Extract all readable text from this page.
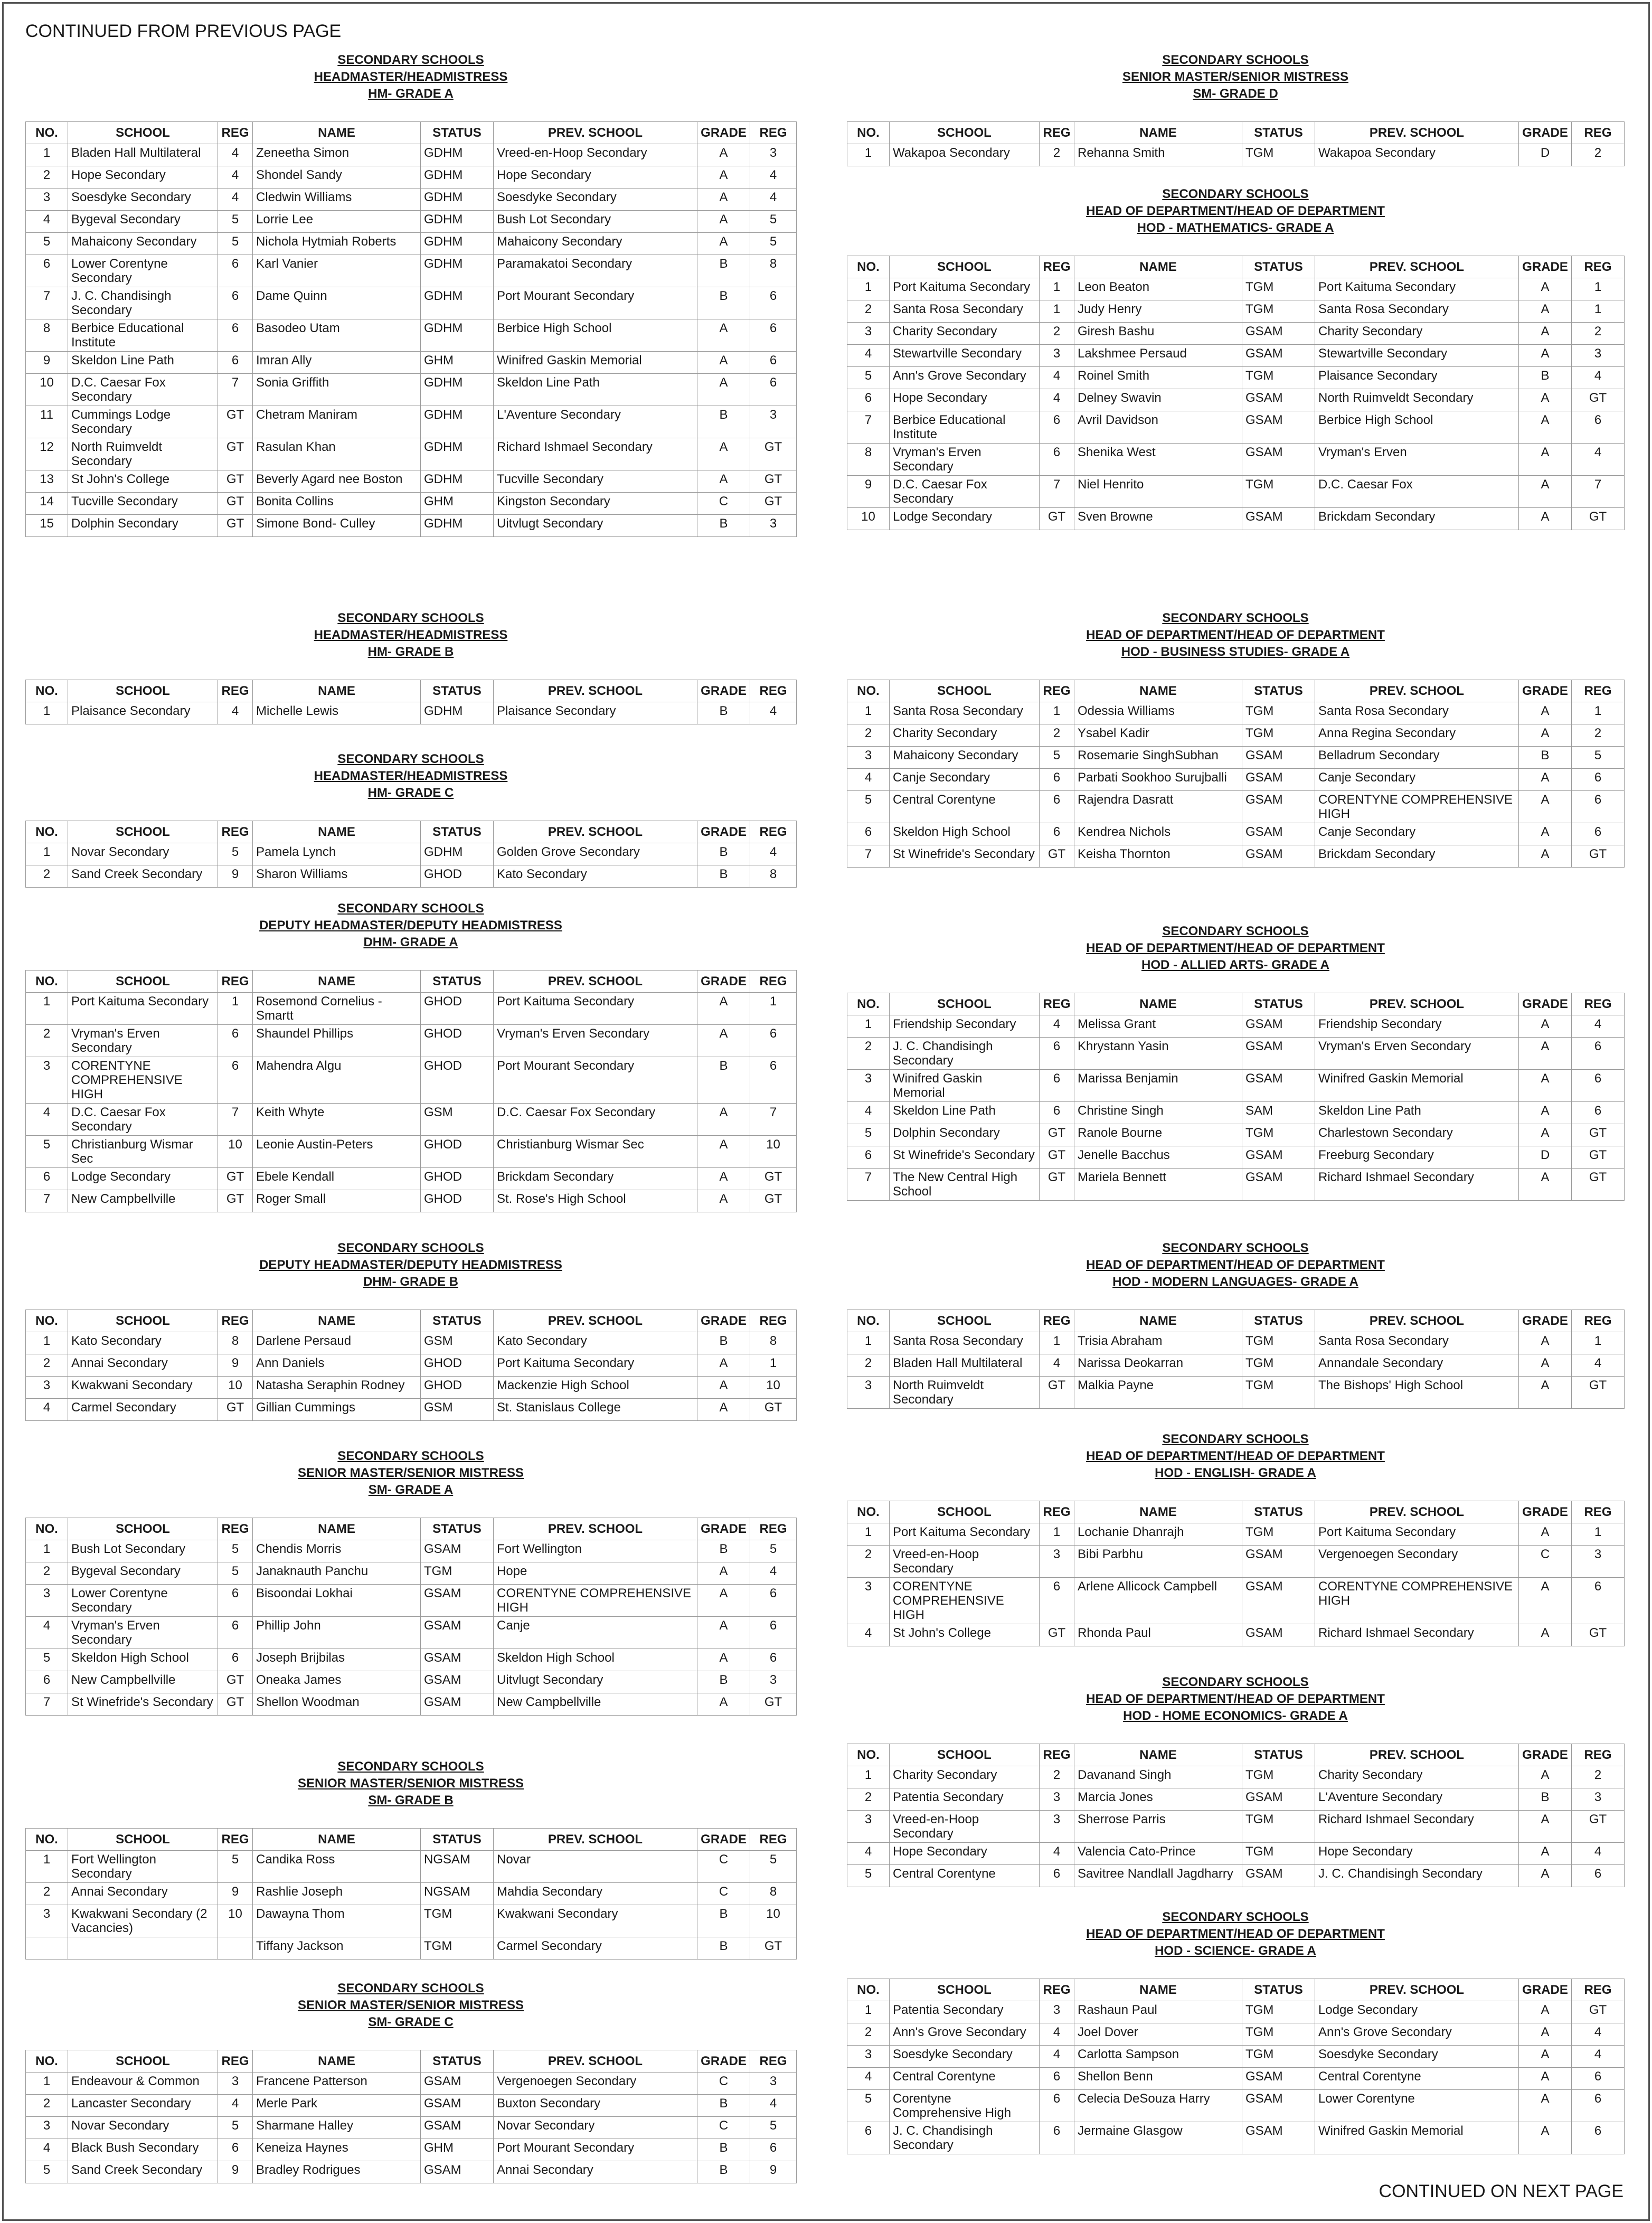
CONTINUED FROM PREVIOUS PAGE
CONTINUED ON NEXT PAGE
SECONDARY SCHOOLS
HEADMASTER/HEADMISTRESS
HM- GRADE A
NO.	SCHOOL	REG	NAME	STATUS	PREV. SCHOOL	GRADE	REG
1	Bladen Hall Multilateral	4	Zeneetha Simon	GDHM	Vreed-en-Hoop Secondary	A	3
2	Hope Secondary	4	Shondel Sandy	GDHM	Hope Secondary	A	4
3	Soesdyke Secondary	4	Cledwin Williams	GDHM	Soesdyke Secondary	A	4
4	Bygeval Secondary	5	Lorrie Lee	GDHM	Bush Lot Secondary	A	5
5	Mahaicony Secondary	5	Nichola Hytmiah Roberts	GDHM	Mahaicony Secondary	A	5
6	Lower Corentyne Secondary	6	Karl Vanier	GDHM	Paramakatoi Secondary	B	8
7	J. C. Chandisingh Secondary	6	Dame Quinn	GDHM	Port Mourant Secondary	B	6
8	Berbice Educational Institute	6	Basodeo Utam	GDHM	Berbice High School	A	6
9	Skeldon Line Path	6	Imran Ally	GHM	Winifred Gaskin Memorial	A	6
10	D.C. Caesar Fox Secondary	7	Sonia Griffith	GDHM	Skeldon Line Path	A	6
11	Cummings Lodge Secondary	GT	Chetram Maniram	GDHM	L'Aventure Secondary	B	3
12	North Ruimveldt Secondary	GT	Rasulan Khan	GDHM	Richard Ishmael Secondary	A	GT
13	St John's College	GT	Beverly Agard nee Boston	GDHM	Tucville Secondary	A	GT
14	Tucville Secondary	GT	Bonita Collins	GHM	Kingston Secondary	C	GT
15	Dolphin Secondary	GT	Simone Bond- Culley	GDHM	Uitvlugt Secondary	B	3
SECONDARY SCHOOLS
HEADMASTER/HEADMISTRESS
HM- GRADE B
NO.	SCHOOL	REG	NAME	STATUS	PREV. SCHOOL	GRADE	REG
1	Plaisance Secondary	4	Michelle Lewis	GDHM	Plaisance Secondary	B	4
SECONDARY SCHOOLS
HEADMASTER/HEADMISTRESS
HM- GRADE C
NO.	SCHOOL	REG	NAME	STATUS	PREV. SCHOOL	GRADE	REG
1	Novar Secondary	5	Pamela Lynch	GDHM	Golden Grove Secondary	B	4
2	Sand Creek Secondary	9	Sharon Williams	GHOD	Kato Secondary	B	8
SECONDARY SCHOOLS
DEPUTY HEADMASTER/DEPUTY HEADMISTRESS
DHM- GRADE A
NO.	SCHOOL	REG	NAME	STATUS	PREV. SCHOOL	GRADE	REG
1	Port Kaituma Secondary	1	Rosemond Cornelius - Smartt	GHOD	Port Kaituma Secondary	A	1
2	Vryman's Erven Secondary	6	Shaundel Phillips	GHOD	Vryman's Erven Secondary	A	6
3	CORENTYNE COMPREHENSIVE HIGH	6	Mahendra Algu	GHOD	Port Mourant Secondary	B	6
4	D.C. Caesar Fox Secondary	7	Keith Whyte	GSM	D.C. Caesar Fox Secondary	A	7
5	Christianburg Wismar Sec	10	Leonie Austin-Peters	GHOD	Christianburg Wismar Sec	A	10
6	Lodge Secondary	GT	Ebele Kendall	GHOD	Brickdam Secondary	A	GT
7	New Campbellville	GT	Roger Small	GHOD	St. Rose's High School	A	GT
SECONDARY SCHOOLS
DEPUTY HEADMASTER/DEPUTY HEADMISTRESS
DHM- GRADE B
NO.	SCHOOL	REG	NAME	STATUS	PREV. SCHOOL	GRADE	REG
1	Kato Secondary	8	Darlene Persaud	GSM	Kato Secondary	B	8
2	Annai Secondary	9	Ann Daniels	GHOD	Port Kaituma Secondary	A	1
3	Kwakwani Secondary	10	Natasha Seraphin Rodney	GHOD	Mackenzie High School	A	10
4	Carmel Secondary	GT	Gillian Cummings	GSM	St. Stanislaus College	A	GT
SECONDARY SCHOOLS
SENIOR MASTER/SENIOR MISTRESS
SM- GRADE A
NO.	SCHOOL	REG	NAME	STATUS	PREV. SCHOOL	GRADE	REG
1	Bush Lot Secondary	5	Chendis Morris	GSAM	Fort Wellington	B	5
2	Bygeval Secondary	5	Janaknauth Panchu	TGM	Hope	A	4
3	Lower Corentyne Secondary	6	Bisoondai Lokhai	GSAM	CORENTYNE COMPREHENSIVE HIGH	A	6
4	Vryman's Erven Secondary	6	Phillip John	GSAM	Canje	A	6
5	Skeldon High School	6	Joseph Brijbilas	GSAM	Skeldon High School	A	6
6	New Campbellville	GT	Oneaka James	GSAM	Uitvlugt Secondary	B	3
7	St Winefride's Secondary	GT	Shellon Woodman	GSAM	New Campbellville	A	GT
SECONDARY SCHOOLS
SENIOR MASTER/SENIOR MISTRESS
SM- GRADE B
NO.	SCHOOL	REG	NAME	STATUS	PREV. SCHOOL	GRADE	REG
1	Fort Wellington Secondary	5	Candika Ross	NGSAM	Novar	C	5
2	Annai Secondary	9	Rashlie Joseph	NGSAM	Mahdia Secondary	C	8
3	Kwakwani Secondary (2 Vacancies)	10	Dawayna Thom	TGM	Kwakwani Secondary	B	10
			Tiffany Jackson	TGM	Carmel Secondary	B	GT
SECONDARY SCHOOLS
SENIOR MASTER/SENIOR MISTRESS
SM- GRADE C
NO.	SCHOOL	REG	NAME	STATUS	PREV. SCHOOL	GRADE	REG
1	Endeavour & Common	3	Francene Patterson	GSAM	Vergenoegen Secondary	C	3
2	Lancaster Secondary	4	Merle Park	GSAM	Buxton Secondary	B	4
3	Novar Secondary	5	Sharmane Halley	GSAM	Novar Secondary	C	5
4	Black Bush Secondary	6	Keneiza Haynes	GHM	Port Mourant Secondary	B	6
5	Sand Creek Secondary	9	Bradley Rodrigues	GSAM	Annai Secondary	B	9
SECONDARY SCHOOLS
SENIOR MASTER/SENIOR MISTRESS
SM- GRADE D
NO.	SCHOOL	REG	NAME	STATUS	PREV. SCHOOL	GRADE	REG
1	Wakapoa Secondary	2	Rehanna Smith	TGM	Wakapoa Secondary	D	2
SECONDARY SCHOOLS
HEAD OF DEPARTMENT/HEAD OF DEPARTMENT
HOD - MATHEMATICS- GRADE A
NO.	SCHOOL	REG	NAME	STATUS	PREV. SCHOOL	GRADE	REG
1	Port Kaituma Secondary	1	Leon Beaton	TGM	Port Kaituma Secondary	A	1
2	Santa Rosa Secondary	1	Judy Henry	TGM	Santa Rosa Secondary	A	1
3	Charity Secondary	2	Giresh Bashu	GSAM	Charity Secondary	A	2
4	Stewartville Secondary	3	Lakshmee Persaud	GSAM	Stewartville Secondary	A	3
5	Ann's Grove Secondary	4	Roinel Smith	TGM	Plaisance Secondary	B	4
6	Hope Secondary	4	Delney Swavin	GSAM	North Ruimveldt Secondary	A	GT
7	Berbice Educational Institute	6	Avril Davidson	GSAM	Berbice High School	A	6
8	Vryman's Erven Secondary	6	Shenika West	GSAM	Vryman's Erven	A	4
9	D.C. Caesar Fox Secondary	7	Niel Henrito	TGM	D.C. Caesar Fox	A	7
10	Lodge Secondary	GT	Sven Browne	GSAM	Brickdam Secondary	A	GT
SECONDARY SCHOOLS
HEAD OF DEPARTMENT/HEAD OF DEPARTMENT
HOD - BUSINESS STUDIES- GRADE A
NO.	SCHOOL	REG	NAME	STATUS	PREV. SCHOOL	GRADE	REG
1	Santa Rosa Secondary	1	Odessia Williams	TGM	Santa Rosa Secondary	A	1
2	Charity Secondary	2	Ysabel Kadir	TGM	Anna Regina Secondary	A	2
3	Mahaicony Secondary	5	Rosemarie SinghSubhan	GSAM	Belladrum Secondary	B	5
4	Canje Secondary	6	Parbati Sookhoo Surujballi	GSAM	Canje Secondary	A	6
5	Central Corentyne	6	Rajendra Dasratt	GSAM	CORENTYNE COMPREHENSIVE HIGH	A	6
6	Skeldon High School	6	Kendrea Nichols	GSAM	Canje Secondary	A	6
7	St Winefride's Secondary	GT	Keisha Thornton	GSAM	Brickdam Secondary	A	GT
SECONDARY SCHOOLS
HEAD OF DEPARTMENT/HEAD OF DEPARTMENT
HOD - ALLIED ARTS- GRADE A
NO.	SCHOOL	REG	NAME	STATUS	PREV. SCHOOL	GRADE	REG
1	Friendship Secondary	4	Melissa Grant	GSAM	Friendship Secondary	A	4
2	J. C. Chandisingh Secondary	6	Khrystann Yasin	GSAM	Vryman's Erven Secondary	A	6
3	Winifred Gaskin Memorial	6	Marissa Benjamin	GSAM	Winifred Gaskin Memorial	A	6
4	Skeldon Line Path	6	Christine Singh	SAM	Skeldon Line Path	A	6
5	Dolphin Secondary	GT	Ranole Bourne	TGM	Charlestown Secondary	A	GT
6	St Winefride's Secondary	GT	Jenelle Bacchus	GSAM	Freeburg Secondary	D	GT
7	The New Central High School	GT	Mariela Bennett	GSAM	Richard Ishmael Secondary	A	GT
SECONDARY SCHOOLS
HEAD OF DEPARTMENT/HEAD OF DEPARTMENT
HOD - MODERN LANGUAGES- GRADE A
NO.	SCHOOL	REG	NAME	STATUS	PREV. SCHOOL	GRADE	REG
1	Santa Rosa Secondary	1	Trisia Abraham	TGM	Santa Rosa Secondary	A	1
2	Bladen Hall Multilateral	4	Narissa Deokarran	TGM	Annandale Secondary	A	4
3	North Ruimveldt Secondary	GT	Malkia Payne	TGM	The Bishops' High School	A	GT
SECONDARY SCHOOLS
HEAD OF DEPARTMENT/HEAD OF DEPARTMENT
HOD - ENGLISH- GRADE A
NO.	SCHOOL	REG	NAME	STATUS	PREV. SCHOOL	GRADE	REG
1	Port Kaituma Secondary	1	Lochanie Dhanrajh	TGM	Port Kaituma Secondary	A	1
2	Vreed-en-Hoop Secondary	3	Bibi Parbhu	GSAM	Vergenoegen Secondary	C	3
3	CORENTYNE COMPREHENSIVE HIGH	6	Arlene Allicock Campbell	GSAM	CORENTYNE COMPREHENSIVE HIGH	A	6
4	St John's College	GT	Rhonda Paul	GSAM	Richard Ishmael Secondary	A	GT
SECONDARY SCHOOLS
HEAD OF DEPARTMENT/HEAD OF DEPARTMENT
HOD - HOME ECONOMICS- GRADE A
NO.	SCHOOL	REG	NAME	STATUS	PREV. SCHOOL	GRADE	REG
1	Charity Secondary	2	Davanand Singh	TGM	Charity Secondary	A	2
2	Patentia Secondary	3	Marcia Jones	GSAM	L'Aventure Secondary	B	3
3	Vreed-en-Hoop Secondary	3	Sherrose Parris	TGM	Richard Ishmael Secondary	A	GT
4	Hope Secondary	4	Valencia Cato-Prince	TGM	Hope Secondary	A	4
5	Central Corentyne	6	Savitree Nandlall Jagdharry	GSAM	J. C. Chandisingh Secondary	A	6
SECONDARY SCHOOLS
HEAD OF DEPARTMENT/HEAD OF DEPARTMENT
HOD - SCIENCE- GRADE A
NO.	SCHOOL	REG	NAME	STATUS	PREV. SCHOOL	GRADE	REG
1	Patentia Secondary	3	Rashaun Paul	TGM	Lodge Secondary	A	GT
2	Ann's Grove Secondary	4	Joel Dover	TGM	Ann's Grove Secondary	A	4
3	Soesdyke Secondary	4	Carlotta Sampson	TGM	Soesdyke Secondary	A	4
4	Central Corentyne	6	Shellon Benn	GSAM	Central Corentyne	A	6
5	Corentyne Comprehensive High	6	Celecia DeSouza Harry	GSAM	Lower Corentyne	A	6
6	J. C. Chandisingh Secondary	6	Jermaine Glasgow	GSAM	Winifred Gaskin Memorial	A	6
